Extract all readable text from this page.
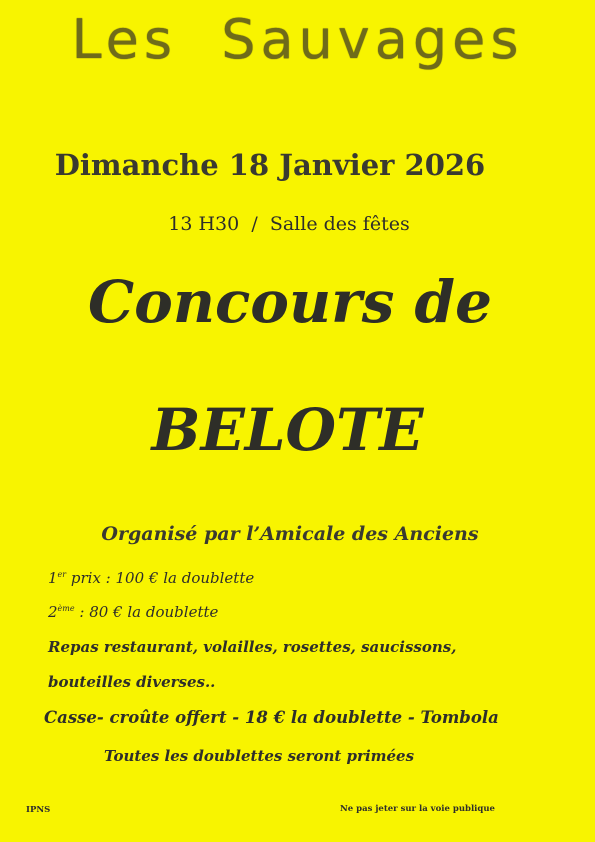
Les Sauvages
Dimanche 18 Janvier 2026
13 H30 / Salle des fêtes
Concours de
BELOTE
Organisé par l’Amicale des Anciens
1er prix : 100 € la doublette
2ème : 80 € la doublette
Repas restaurant, volailles, rosettes, saucissons,
bouteilles diverses..
Casse- croûte offert - 18 € la doublette - Tombola
Toutes les doublettes seront primées
IPNS	Ne pas jeter sur la voie publique
